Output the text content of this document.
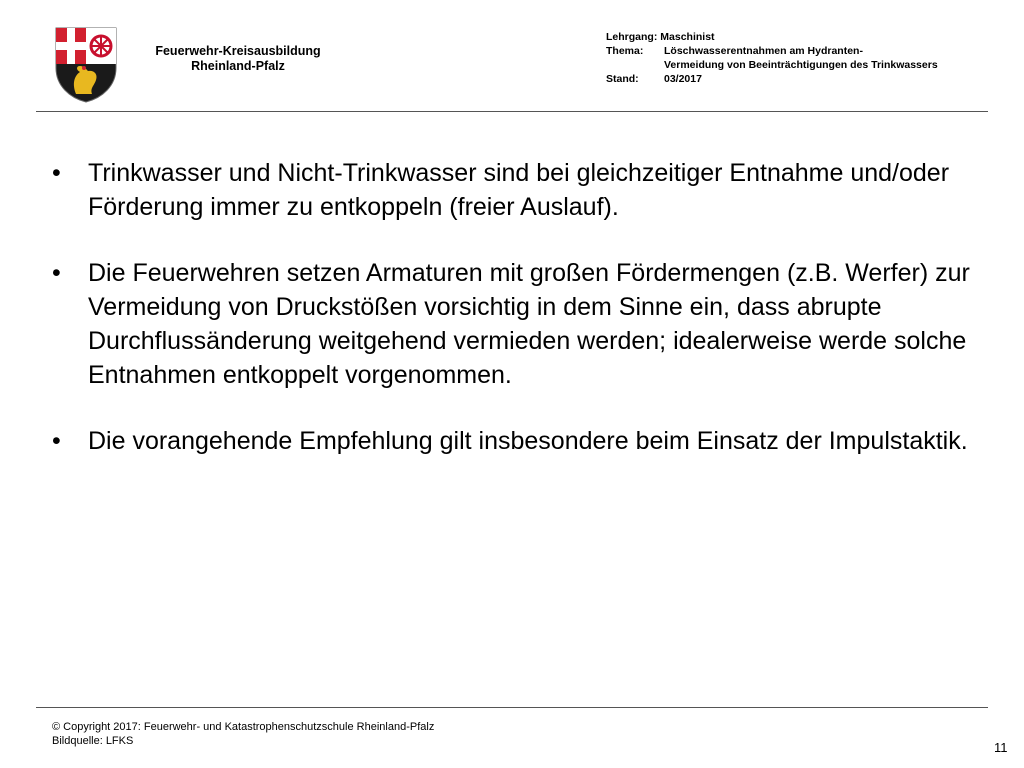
Feuerwehr-Kreisausbildung
Rheinland-Pfalz
Lehrgang:
Maschinist
Thema:	Löschwasserentnahmen am Hydranten-
Vermeidung von Beeinträchtigungen des Trinkwassers
Stand:	03/2017
•	Trinkwasser und Nicht-Trinkwasser sind bei gleichzeitiger Entnahme und/oder Förderung immer zu entkoppeln (freier Auslauf).
•	Die Feuerwehren setzen Armaturen mit großen Fördermengen (z.B. Werfer) zur Vermeidung von Druckstößen vorsichtig in dem Sinne ein, dass abrupte Durchflussänderung weitgehend vermieden werden; idealerweise werde solche Entnahmen entkoppelt vorgenommen.
•	Die vorangehende Empfehlung gilt insbesondere beim Einsatz der Impulstaktik.
© Copyright 2017: Feuerwehr- und Katastrophenschutzschule Rheinland-Pfalz
Bildquelle: LFKS	11
